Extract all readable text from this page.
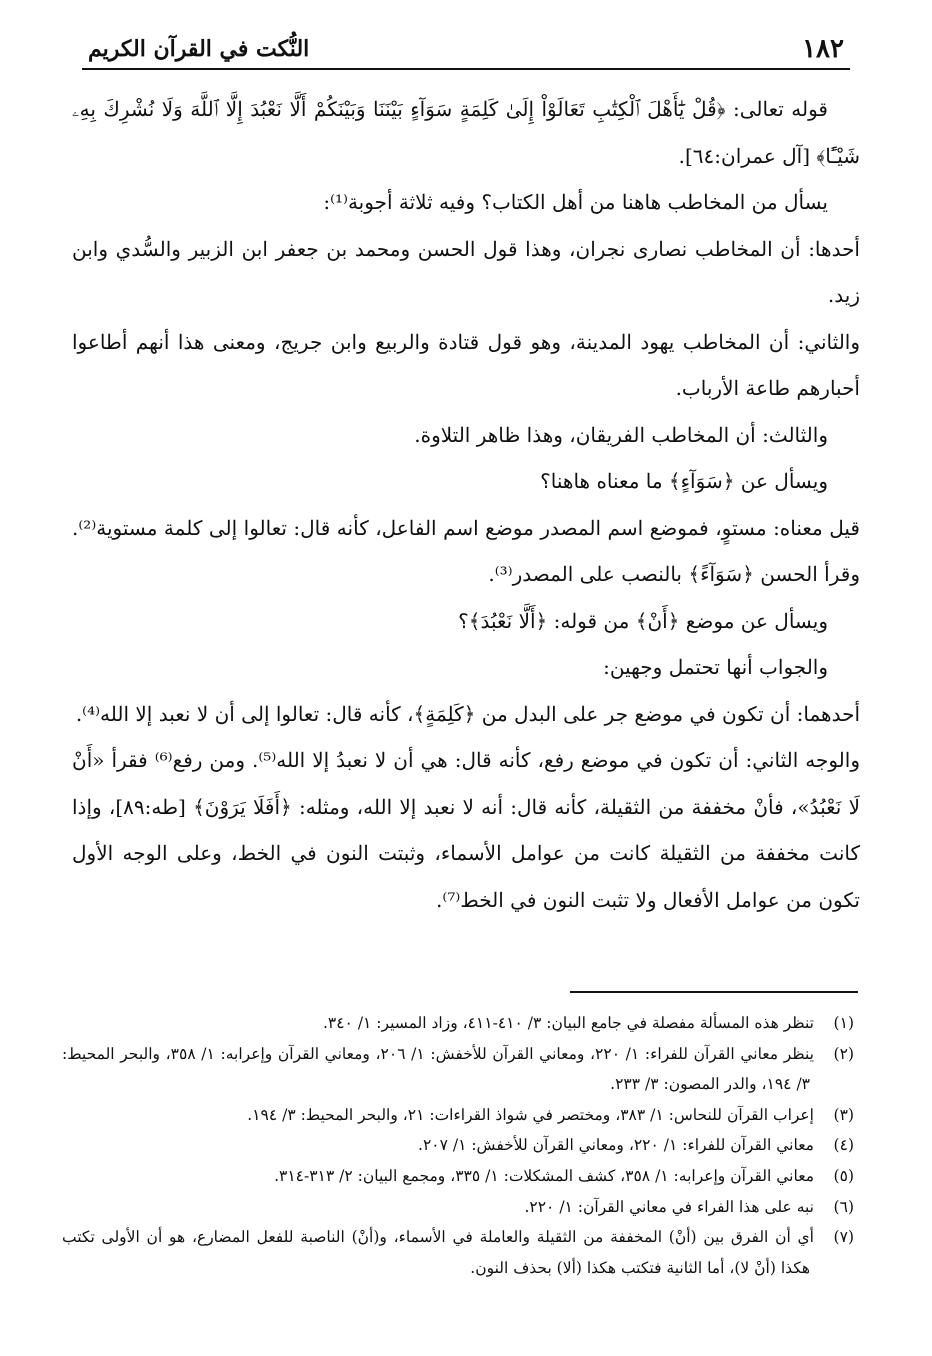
١٨٢
النُّكت في القرآن الكريم

قوله تعالى: ﴿قُلْ يَٰٓأَهْلَ ٱلْكِتَٰبِ تَعَالَوْاْ إِلَىٰ كَلِمَةٍ سَوَآءٍ بَيْنَنَا وَبَيْنَكُمْ أَلَّا نَعْبُدَ إِلَّا ٱللَّهَ وَلَا نُشْرِكَ بِهِۦ شَيْـًٔا﴾ [آل عمران:٦٤].

يسأل من المخاطب هاهنا من أهل الكتاب؟ وفيه ثلاثة أجوبة⁽¹⁾:

أحدها: أن المخاطب نصارى نجران، وهذا قول الحسن ومحمد بن جعفر ابن الزبير والسُّدي وابن زيد.

والثاني: أن المخاطب يهود المدينة، وهو قول قتادة والربيع وابن جريج، ومعنى هذا أنهم أطاعوا أحبارهم طاعة الأرباب.

والثالث: أن المخاطب الفريقان، وهذا ظاهر التلاوة.

ويسأل عن ﴿سَوَآءٍ﴾ ما معناه هاهنا؟

قيل معناه: مستوٍ، فموضع اسم المصدر موضع اسم الفاعل، كأنه قال: تعالوا إلى كلمة مستوية⁽²⁾. وقرأ الحسن ﴿سَوَآءً﴾ بالنصب على المصدر⁽³⁾.

ويسأل عن موضع ﴿أَنْ﴾ من قوله: ﴿أَلَّا نَعْبُدَ﴾؟

والجواب أنها تحتمل وجهين:

أحدهما: أن تكون في موضع جر على البدل من ﴿كَلِمَةٍ﴾، كأنه قال: تعالوا إلى أن لا نعبد إلا الله⁽⁴⁾.

والوجه الثاني: أن تكون في موضع رفع، كأنه قال: هي أن لا نعبدُ إلا الله⁽⁵⁾. ومن رفع⁽⁶⁾ فقرأ «أَنْ لَا نَعْبُدُ»، فأنْ مخففة من الثقيلة، كأنه قال: أنه لا نعبد إلا الله، ومثله: ﴿أَفَلَا يَرَوْنَ﴾ [طه:٨٩]، وإذا كانت مخففة من الثقيلة كانت من عوامل الأسماء، وثبتت النون في الخط، وعلى الوجه الأول تكون من عوامل الأفعال ولا تثبت النون في الخط⁽⁷⁾.

(١)تنظر هذه المسألة مفصلة في جامع البيان: ٣/ ٤١٠-٤١١، وزاد المسير: ١/ ٣٤٠.
(٢)ينظر معاني القرآن للفراء: ١/ ٢٢٠، ومعاني القرآن للأخفش: ١/ ٢٠٦، ومعاني القرآن وإعرابه: ١/ ٣٥٨، والبحر المحيط: ٣/ ١٩٤، والدر المصون: ٣/ ٢٣٣.
(٣)إعراب القرآن للنحاس: ١/ ٣٨٣، ومختصر في شواذ القراءات: ٢١، والبحر المحيط: ٣/ ١٩٤.
(٤)معاني القرآن للفراء: ١/ ٢٢٠، ومعاني القرآن للأخفش: ١/ ٢٠٧.
(٥)معاني القرآن وإعرابه: ١/ ٣٥٨، كشف المشكلات: ١/ ٣٣٥، ومجمع البيان: ٢/ ٣١٣-٣١٤.
(٦)نبه على هذا الفراء في معاني القرآن: ١/ ٢٢٠.
(٧)أي أن الفرق بين (أنْ) المخففة من الثقيلة والعاملة في الأسماء، و(أنْ) الناصبة للفعل المضارع، هو أن الأولى تكتب هكذا (أنْ لا)، أما الثانية فتكتب هكذا (ألا) بحذف النون.
